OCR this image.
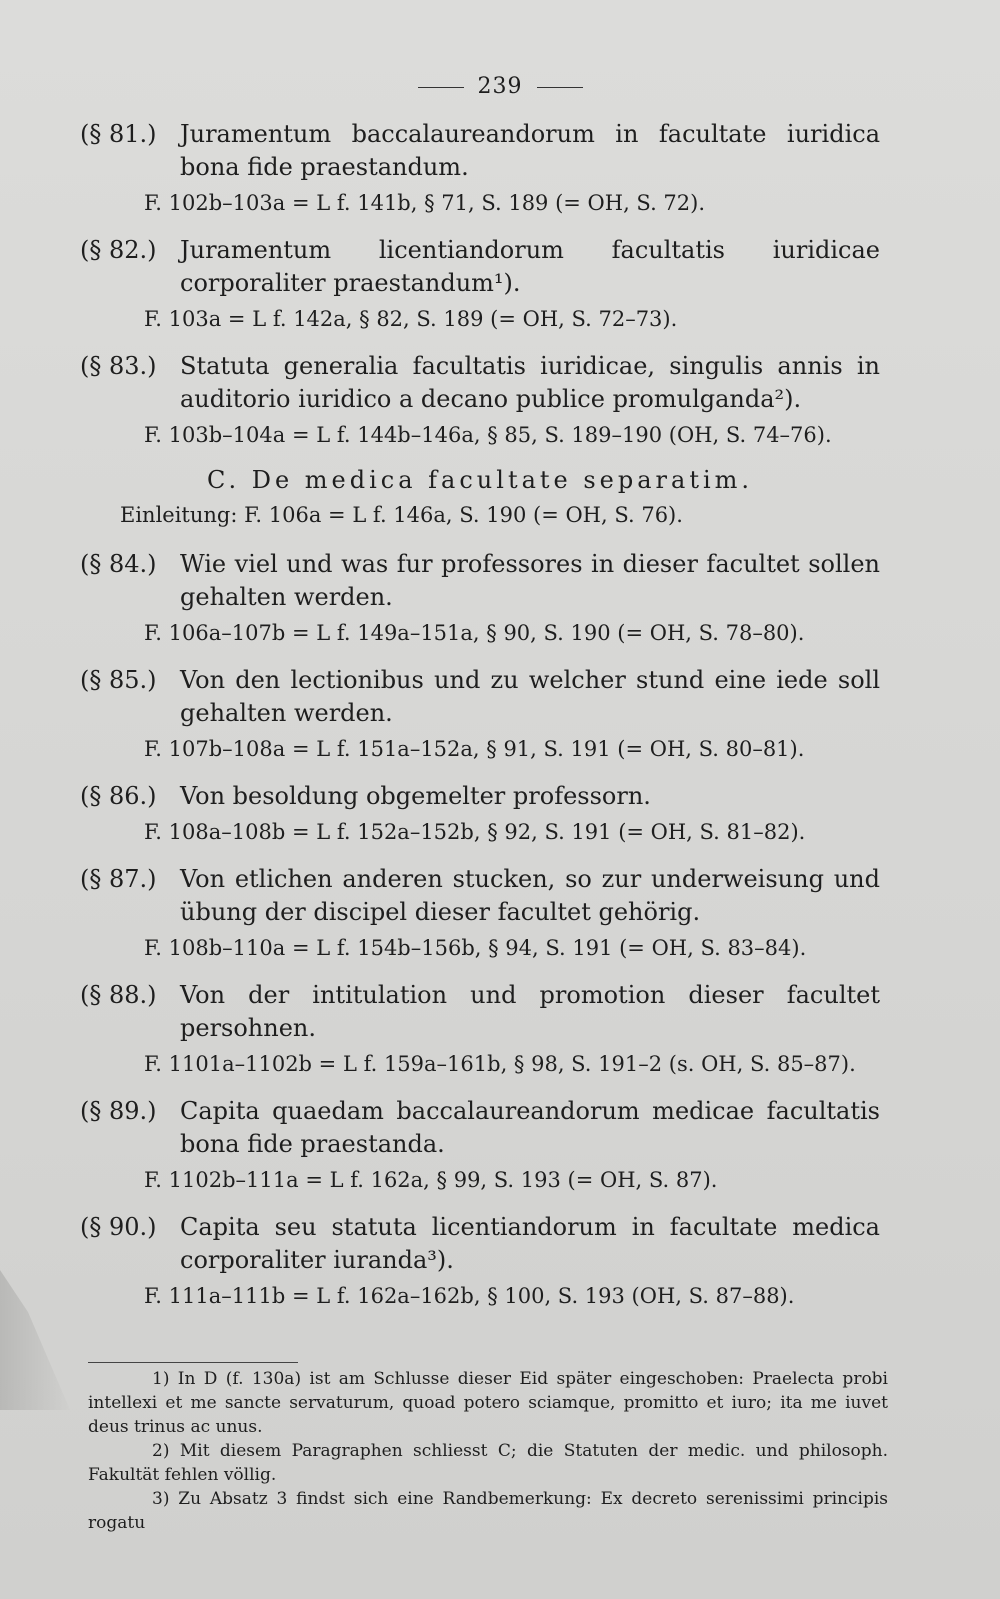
239
(§ 81.) Juramentum baccalaureandorum in facultate iuridica bona fide praestandum.
F. 102b–103a = L f. 141b, § 71, S. 189 (= OH, S. 72).
(§ 82.) Juramentum licentiandorum facultatis iuridicae corporaliter praestandum¹).
F. 103a = L f. 142a, § 82, S. 189 (= OH, S. 72–73).
(§ 83.) Statuta generalia facultatis iuridicae, singulis annis in auditorio iuridico a decano publice promulganda²).
F. 103b–104a = L f. 144b–146a, § 85, S. 189–190 (OH, S. 74–76).
C. De medica facultate separatim.
Einleitung: F. 106a = L f. 146a, S. 190 (= OH, S. 76).
(§ 84.) Wie viel und was fur professores in dieser facultet sollen gehalten werden.
F. 106a–107b = L f. 149a–151a, § 90, S. 190 (= OH, S. 78–80).
(§ 85.) Von den lectionibus und zu welcher stund eine iede soll gehalten werden.
F. 107b–108a = L f. 151a–152a, § 91, S. 191 (= OH, S. 80–81).
(§ 86.) Von besoldung obgemelter professorn.
F. 108a–108b = L f. 152a–152b, § 92, S. 191 (= OH, S. 81–82).
(§ 87.) Von etlichen anderen stucken, so zur underweisung und übung der discipel dieser facultet gehörig.
F. 108b–110a = L f. 154b–156b, § 94, S. 191 (= OH, S. 83–84).
(§ 88.) Von der intitulation und promotion dieser facultet persohnen.
F. 1101a–1102b = L f. 159a–161b, § 98, S. 191–2 (s. OH, S. 85–87).
(§ 89.) Capita quaedam baccalaureandorum medicae facultatis bona fide praestanda.
F. 1102b–111a = L f. 162a, § 99, S. 193 (= OH, S. 87).
(§ 90.) Capita seu statuta licentiandorum in facultate medica corporaliter iuranda³).
F. 111a–111b = L f. 162a–162b, § 100, S. 193 (OH, S. 87–88).
1) In D (f. 130a) ist am Schlusse dieser Eid später eingeschoben: Praelecta probi intellexi et me sancte servaturum, quoad potero sciamque, promitto et iuro; ita me iuvet deus trinus ac unus.
2) Mit diesem Paragraphen schliesst C; die Statuten der medic. und philosoph. Fakultät fehlen völlig.
3) Zu Absatz 3 findst sich eine Randbemerkung: Ex decreto serenissimi principis rogatu
